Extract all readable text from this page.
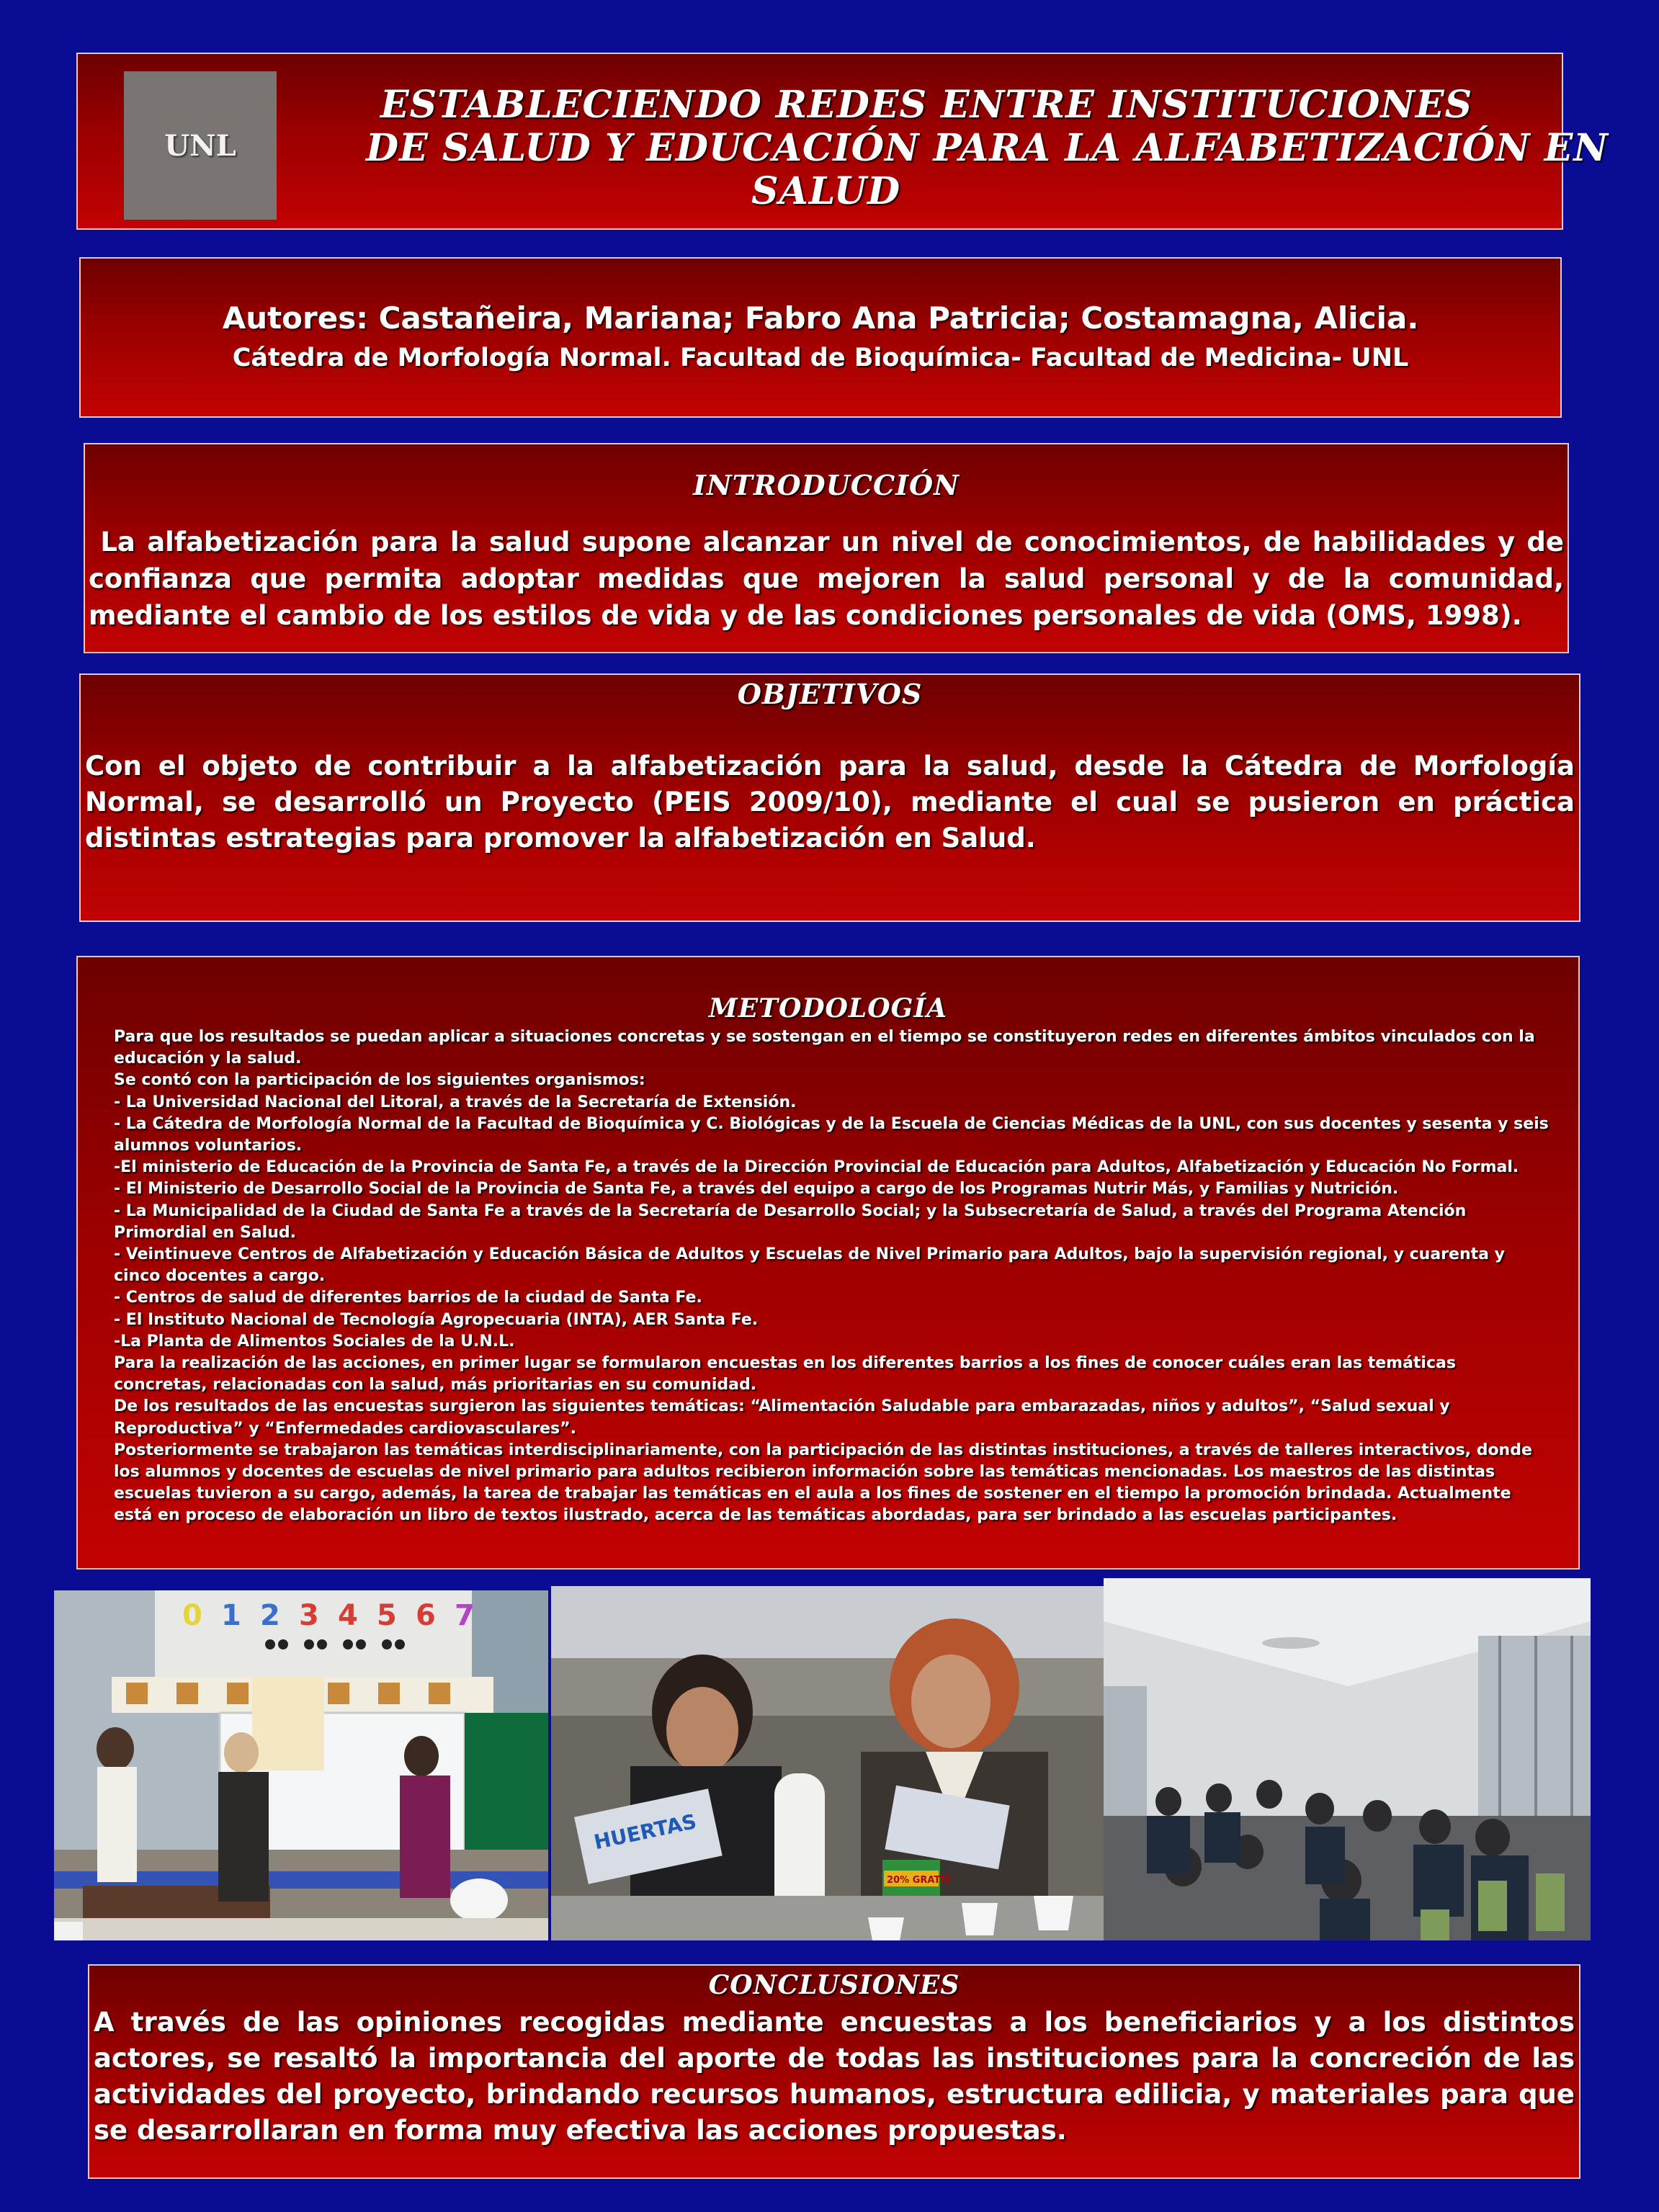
UNL

ESTABLECIENDO REDES ENTRE INSTITUCIONES

DE SALUD Y EDUCACIÓN PARA LA ALFABETIZACIÓN EN

SALUD

Autores: Castañeira, Mariana; Fabro Ana Patricia; Costamagna, Alicia.

Cátedra de Morfología Normal. Facultad de Bioquímica- Facultad de Medicina- UNL

INTRODUCCIÓN

La alfabetización para la salud supone alcanzar un nivel de conocimientos, de habilidades y de confianza que permita adoptar medidas que mejoren la salud personal y de la comunidad, mediante el cambio de los estilos de vida y de las condiciones personales de vida (OMS, 1998).

OBJETIVOS

Con el objeto de contribuir a la alfabetización para la salud, desde la Cátedra de Morfología Normal, se desarrolló un Proyecto (PEIS 2009/10), mediante el cual se pusieron en práctica distintas estrategias para promover la alfabetización en Salud.

METODOLOGÍA

Para que los resultados se puedan aplicar a situaciones concretas y se sostengan en el tiempo se constituyeron redes en diferentes ámbitos vinculados con la educación y la salud.

Se contó con la participación de los siguientes organismos:

- La Universidad Nacional del Litoral, a través de la Secretaría de Extensión.

- La Cátedra de Morfología Normal de la Facultad de Bioquímica y C. Biológicas y de la Escuela de Ciencias Médicas de la UNL, con sus docentes y sesenta y seis alumnos voluntarios.

-El ministerio de Educación de la Provincia de Santa Fe, a través de la Dirección Provincial de Educación para Adultos, Alfabetización y Educación No Formal.

- El Ministerio de Desarrollo Social de la Provincia de Santa Fe, a través del equipo a cargo de los Programas Nutrir Más, y Familias y Nutrición.

- La Municipalidad de la Ciudad de Santa Fe a través de la Secretaría de Desarrollo Social; y la Subsecretaría de Salud, a través del Programa Atención Primordial en Salud.

- Veintinueve Centros de Alfabetización y Educación Básica de Adultos y Escuelas de Nivel Primario para Adultos, bajo la supervisión regional, y cuarenta y cinco docentes a cargo.

- Centros de salud de diferentes barrios de la ciudad de Santa Fe.

- El Instituto Nacional de Tecnología Agropecuaria (INTA), AER Santa Fe.

-La Planta de Alimentos Sociales de la U.N.L.

Para la realización de las acciones, en primer lugar se formularon encuestas en los diferentes barrios a los fines de conocer cuáles eran las temáticas concretas, relacionadas con la salud, más prioritarias en su comunidad.

De los resultados de las encuestas surgieron las siguientes temáticas: “Alimentación Saludable para embarazadas, niños y adultos”, “Salud sexual y Reproductiva” y “Enfermedades cardiovasculares”.

Posteriormente se trabajaron las temáticas interdisciplinariamente, con la participación de las distintas instituciones, a través de talleres interactivos, donde los alumnos y docentes de escuelas de nivel primario para adultos recibieron información sobre las temáticas mencionadas. Los maestros de las distintas escuelas tuvieron a su cargo, además, la tarea de trabajar las temáticas en el aula a los fines de sostener en el tiempo la promoción brindada. Actualmente está en proceso de elaboración un libro de textos ilustrado, acerca de las temáticas abordadas, para ser brindado a las escuelas participantes.

0 1 2 3 4 5 6 7
HUERTAS
20% GRATIS
CONCLUSIONES

A través de las opiniones recogidas mediante encuestas a los beneficiarios y a los distintos actores, se resaltó la importancia del aporte de todas las instituciones para la concreción de las actividades del proyecto, brindando recursos humanos, estructura edilicia, y materiales para que se desarrollaran en forma muy efectiva las acciones propuestas.
